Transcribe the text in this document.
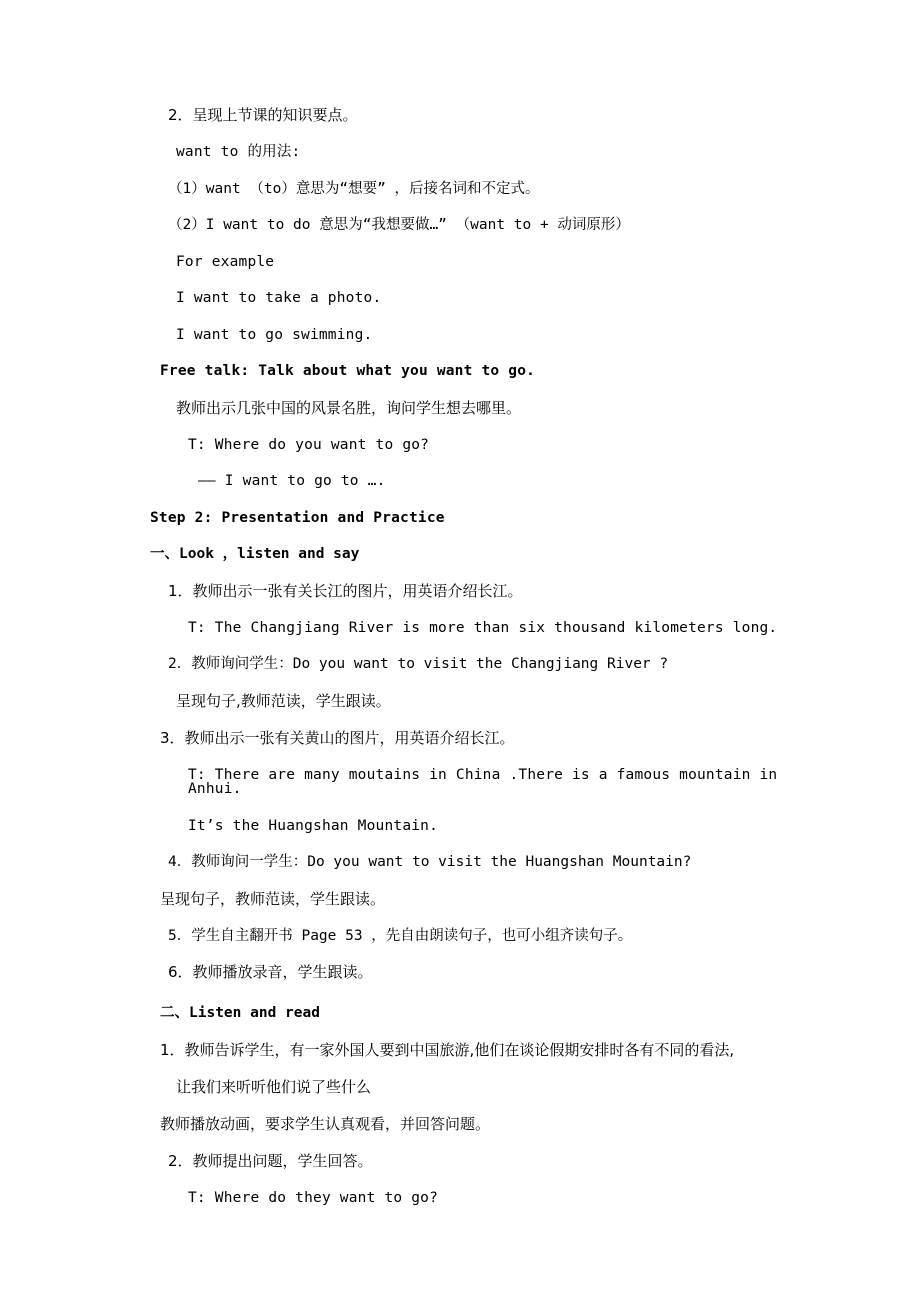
2．呈现上节课的知识要点。

want to 的用法:

（1）want （to）意思为“想要” ，后接名词和不定式。

（2）I want to do 意思为“我想要做…” （want to + 动词原形）

For example

I want to take a photo.

I want to go swimming.

Free talk: Talk about what you want to go.

教师出示几张中国的风景名胜，询问学生想去哪里。

T: Where do you want to go?

—— I want to go to ….

Step 2: Presentation and Practice

一、Look ，listen and say

1．教师出示一张有关长江的图片，用英语介绍长江。

T: The Changjiang River is more than six thousand kilometers long.

2．教师询问学生：Do you want to visit the Changjiang River ?

呈现句子,教师范读，学生跟读。

3．教师出示一张有关黄山的图片，用英语介绍长江。

T: There are many moutains in China .There is a famous mountain in Anhui.

It’s the Huangshan Mountain.

4．教师询问一学生：Do you want to visit the Huangshan Mountain?

呈现句子，教师范读，学生跟读。

5．学生自主翻开书 Page 53 ，先自由朗读句子，也可小组齐读句子。

6．教师播放录音，学生跟读。

二、Listen and read

1．教师告诉学生，有一家外国人要到中国旅游,他们在谈论假期安排时各有不同的看法,

让我们来听听他们说了些什么

教师播放动画，要求学生认真观看，并回答问题。

2．教师提出问题，学生回答。

T: Where do they want to go?
